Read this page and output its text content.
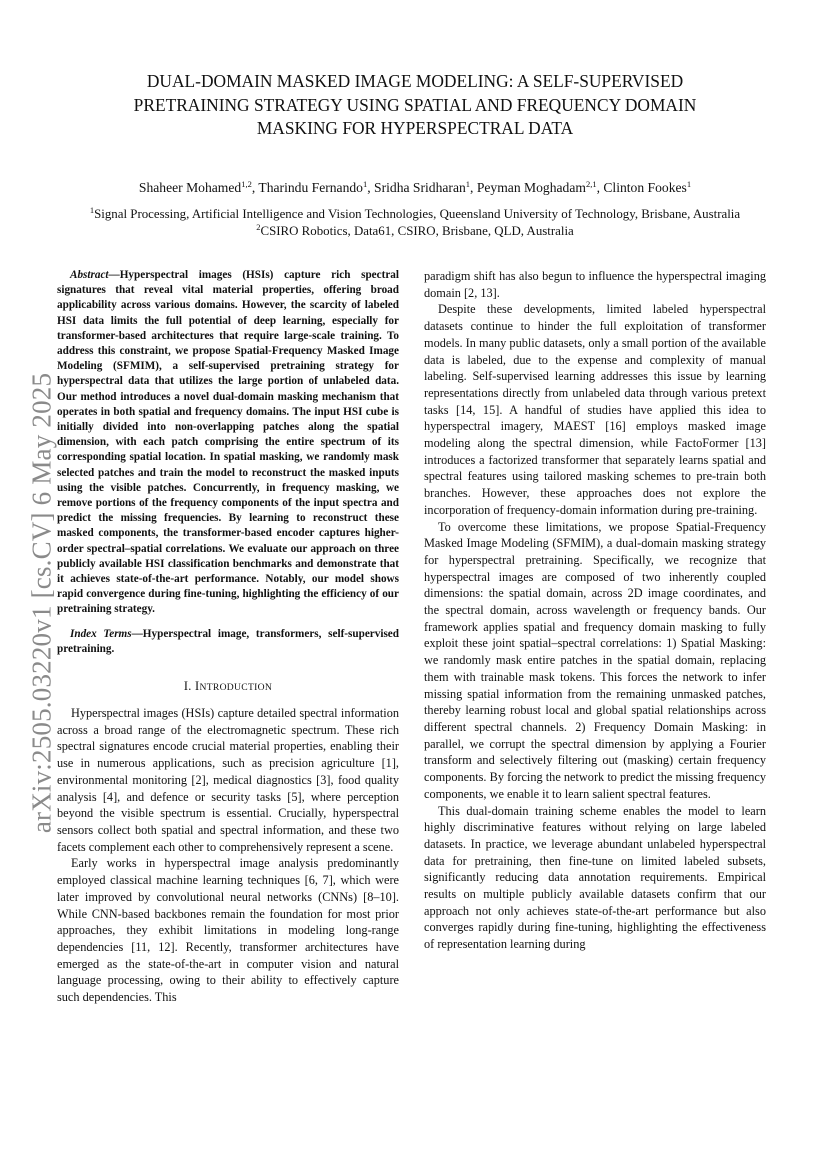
arXiv:2505.03220v1 [cs.CV] 6 May 2025
DUAL-DOMAIN MASKED IMAGE MODELING: A SELF-SUPERVISED
PRETRAINING STRATEGY USING SPATIAL AND FREQUENCY DOMAIN
MASKING FOR HYPERSPECTRAL DATA
Shaheer Mohamed$^{1,2}$, Tharindu Fernando$^1$, Sridha Sridharan$^1$, Peyman Moghadam$^{2,1}$, Clinton Fookes$^1$
$^1$Signal Processing, Artificial Intelligence and Vision Technologies, Queensland University of Technology, Brisbane, Australia
$^2$CSIRO Robotics, Data61, CSIRO, Brisbane, QLD, Australia

Abstract—Hyperspectral images (HSIs) capture rich spectral signatures that reveal vital material properties, offering broad applicability across various domains. However, the scarcity of labeled HSI data limits the full potential of deep learning, especially for transformer-based architectures that require large-scale training. To address this constraint, we propose Spatial-Frequency Masked Image Modeling (SFMIM), a self-supervised pretraining strategy for hyperspectral data that utilizes the large portion of unlabeled data. Our method introduces a novel dual-domain masking mechanism that operates in both spatial and frequency domains. The input HSI cube is initially divided into non-overlapping patches along the spatial dimension, with each patch comprising the entire spectrum of its corresponding spatial location. In spatial masking, we randomly mask selected patches and train the model to reconstruct the masked inputs using the visible patches. Concurrently, in frequency masking, we remove portions of the frequency components of the input spectra and predict the missing frequencies. By learning to reconstruct these masked components, the transformer-based encoder captures higher-order spectral–spatial correlations. We evaluate our approach on three publicly available HSI classification benchmarks and demonstrate that it achieves state-of-the-art performance. Notably, our model shows rapid convergence during fine-tuning, highlighting the efficiency of our pretraining strategy.

Index Terms—Hyperspectral image, transformers, self-supervised pretraining.

I. INTRODUCTION

Hyperspectral images (HSIs) capture detailed spectral information across a broad range of the electromagnetic spectrum. These rich spectral signatures encode crucial material properties, enabling their use in numerous applications, such as precision agriculture [1], environmental monitoring [2], medical diagnostics [3], food quality analysis [4], and defence or security tasks [5], where perception beyond the visible spectrum is essential. Crucially, hyperspectral sensors collect both spatial and spectral information, and these two facets complement each other to comprehensively represent a scene.

Early works in hyperspectral image analysis predominantly employed classical machine learning techniques [6, 7], which were later improved by convolutional neural networks (CNNs) [8–10]. While CNN-based backbones remain the foundation for most prior approaches, they exhibit limitations in modeling long-range dependencies [11, 12]. Recently, transformer architectures have emerged as the state-of-the-art in computer vision and natural language processing, owing to their ability to effectively capture such dependencies. This

paradigm shift has also begun to influence the hyperspectral imaging domain [2, 13].

Despite these developments, limited labeled hyperspectral datasets continue to hinder the full exploitation of transformer models. In many public datasets, only a small portion of the available data is labeled, due to the expense and complexity of manual labeling. Self-supervised learning addresses this issue by learning representations directly from unlabeled data through various pretext tasks [14, 15]. A handful of studies have applied this idea to hyperspectral imagery, MAEST [16] employs masked image modeling along the spectral dimension, while FactoFormer [13] introduces a factorized transformer that separately learns spatial and spectral features using tailored masking schemes to pre-train both branches. However, these approaches does not explore the incorporation of frequency-domain information during pre-training.

To overcome these limitations, we propose Spatial-Frequency Masked Image Modeling (SFMIM), a dual-domain masking strategy for hyperspectral pretraining. Specifically, we recognize that hyperspectral images are composed of two inherently coupled dimensions: the spatial domain, across 2D image coordinates, and the spectral domain, across wavelength or frequency bands. Our framework applies spatial and frequency domain masking to fully exploit these joint spatial–spectral correlations: 1) Spatial Masking: we randomly mask entire patches in the spatial domain, replacing them with trainable mask tokens. This forces the network to infer missing spatial information from the remaining unmasked patches, thereby learning robust local and global spatial relationships across different spectral channels. 2) Frequency Domain Masking: in parallel, we corrupt the spectral dimension by applying a Fourier transform and selectively filtering out (masking) certain frequency components. By forcing the network to predict the missing frequency components, we enable it to learn salient spectral features.

This dual-domain training scheme enables the model to learn highly discriminative features without relying on large labeled datasets. In practice, we leverage abundant unlabeled hyperspectral data for pretraining, then fine-tune on limited labeled subsets, significantly reducing data annotation requirements. Empirical results on multiple publicly available datasets confirm that our approach not only achieves state-of-the-art performance but also converges rapidly during fine-tuning, highlighting the effectiveness of representation learning during
